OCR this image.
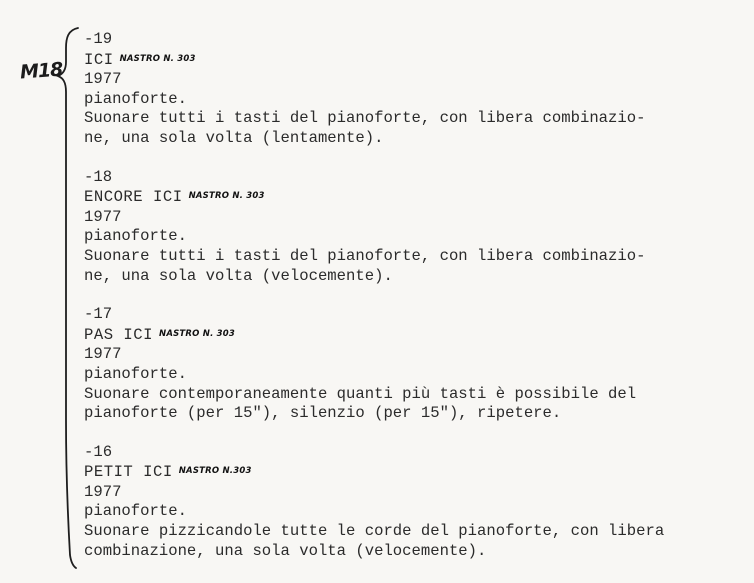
M18
-19
ICI NASTRO N. 303
1977
pianoforte.
Suonare tutti i tasti del pianoforte, con libera combinazio-
ne, una sola volta (lentamente).
-18
ENCORE ICI NASTRO N. 303
1977
pianoforte.
Suonare tutti i tasti del pianoforte, con libera combinazio-
ne, una sola volta (velocemente).
-17
PAS ICI NASTRO N. 303
1977
pianoforte.
Suonare contemporaneamente quanti più tasti è possibile del
pianoforte (per 15"), silenzio (per 15"), ripetere.
-16
PETIT ICI NASTRO N.303
1977
pianoforte.
Suonare pizzicandole tutte le corde del pianoforte, con libera
combinazione, una sola volta (velocemente).
